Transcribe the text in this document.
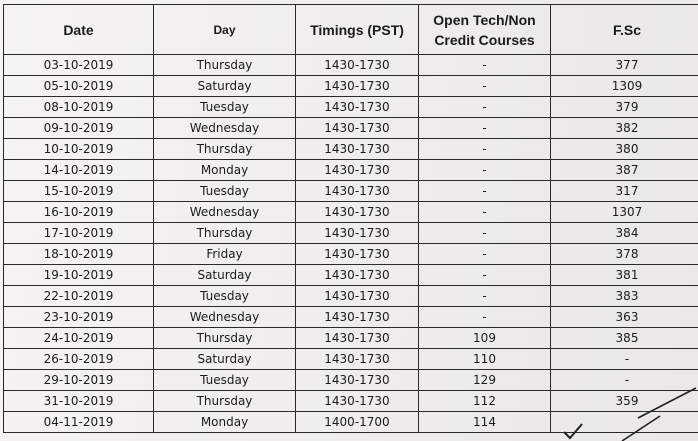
Date	Day	Timings (PST)	Open Tech/Non Credit Courses	F.Sc
03-10-2019	Thursday	1430-1730	-	377
05-10-2019	Saturday	1430-1730	-	1309
08-10-2019	Tuesday	1430-1730	-	379
09-10-2019	Wednesday	1430-1730	-	382
10-10-2019	Thursday	1430-1730	-	380
14-10-2019	Monday	1430-1730	-	387
15-10-2019	Tuesday	1430-1730	-	317
16-10-2019	Wednesday	1430-1730	-	1307
17-10-2019	Thursday	1430-1730	-	384
18-10-2019	Friday	1430-1730	-	378
19-10-2019	Saturday	1430-1730	-	381
22-10-2019	Tuesday	1430-1730	-	383
23-10-2019	Wednesday	1430-1730	-	363
24-10-2019	Thursday	1430-1730	109	385
26-10-2019	Saturday	1430-1730	110	-
29-10-2019	Tuesday	1430-1730	129	-
31-10-2019	Thursday	1430-1730	112	359
04-11-2019	Monday	1400-1700	114	
